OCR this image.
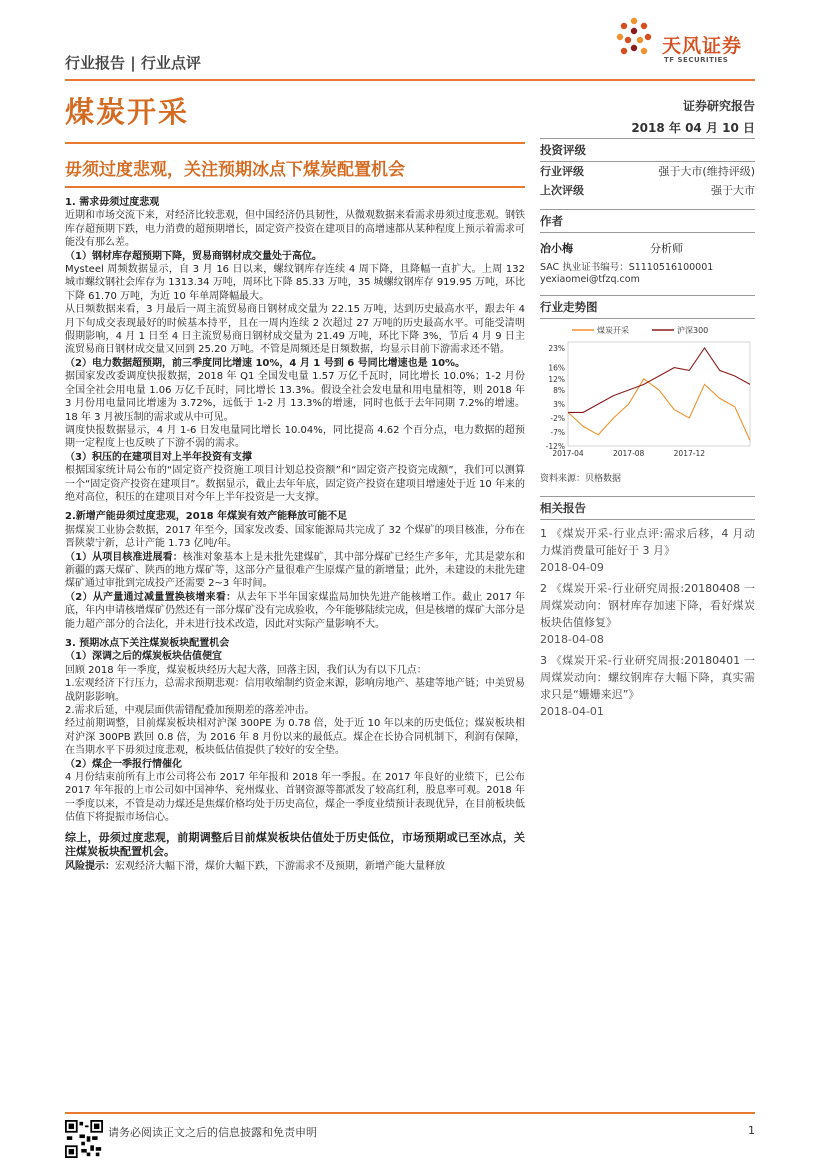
行业报告 | 行业点评
天风证券
TF SECURITIES
煤炭开采	证券研究报告
2018 年 04 月 10 日
毋须过度悲观，关注预期冰点下煤炭配置机会

1. 需求毋须过度悲观

近期和市场交流下来，对经济比较悲观，但中国经济仍具韧性，从微观数据来看需求毋须过度悲观。钢铁库存超预期下跌，电力消费的超预期增长，固定资产投资在建项目的高增速都从某种程度上预示着需求可能没有那么差。

（1）钢材库存超预期下降，贸易商钢材成交量处于高位。

Mysteel 周频数据显示，自 3 月 16 日以来，螺纹钢库存连续 4 周下降，且降幅一直扩大。上周 132 城市螺纹钢社会库存为 1313.34 万吨，周环比下降 85.33 万吨，35 城螺纹钢库存 919.95 万吨，环比下降 61.70 万吨，为近 10 年单周降幅最大。

从日频数据来看，3 月最后一周主流贸易商日钢材成交量为 22.15 万吨，达到历史最高水平，跟去年 4 月下旬成交表现最好的时候基本持平，且在一周内连续 2 次超过 27 万吨的历史最高水平。可能受清明假期影响，4 月 1 日至 4 日主流贸易商日钢材成交量为 21.49 万吨，环比下降 3%，节后 4 月 9 日主流贸易商日钢材成交量又回到 25.20 万吨。不管是周频还是日频数据，均显示目前下游需求还不错。

（2）电力数据超预期，前三季度同比增速 10%，4 月 1 号到 6 号同比增速也是 10%。

据国家发改委调度快报数据，2018 年 Q1 全国发电量 1.57 万亿千瓦时，同比增长 10.0%；1-2 月份全国全社会用电量 1.06 万亿千瓦时，同比增长 13.3%。假设全社会发电量和用电量相等，则 2018 年 3 月份用电量同比增速为 3.72%，远低于 1-2 月 13.3%的增速，同时也低于去年同期 7.2%的增速。18 年 3 月被压制的需求或从中可见。

调度快报数据显示，4 月 1-6 日发电量同比增长 10.04%，同比提高 4.62 个百分点，电力数据的超预期一定程度上也反映了下游不弱的需求。

（3）积压的在建项目对上半年投资有支撑

根据国家统计局公布的“固定资产投资施工项目计划总投资额”和“固定资产投资完成额”，我们可以测算一个“固定资产投资在建项目”。数据显示，截止去年年底，固定资产投资在建项目增速处于近 10 年来的绝对高位，积压的在建项目对今年上半年投资是一大支撑。

2.新增产能毋须过度悲观，2018 年煤炭有效产能释放可能不足

据煤炭工业协会数据，2017 年至今，国家发改委、国家能源局共完成了 32 个煤矿的项目核准，分布在晋陕蒙宁新，总计产能 1.73 亿吨/年。

（1）从项目核准进展看：核准对象基本上是未批先建煤矿，其中部分煤矿已经生产多年，尤其是蒙东和新疆的露天煤矿、陕西的地方煤矿等，这部分产量很难产生原煤产量的新增量；此外，未建设的未批先建煤矿通过审批到完成投产还需要 2~3 年时间。

（2）从产量通过减量置换核增来看：从去年下半年国家煤监局加快先进产能核增工作。截止 2017 年底，年内申请核增煤矿仍然还有一部分煤矿没有完成验收，今年能够陆续完成，但是核增的煤矿大部分是能力超产部分的合法化，并未进行技术改造，因此对实际产量影响不大。

3. 预期冰点下关注煤炭板块配置机会

（1）深调之后的煤炭板块估值便宜

回顾 2018 年一季度，煤炭板块经历大起大落，回落主因，我们认为有以下几点：

1.宏观经济下行压力，总需求预期悲观：信用收缩制约资金来源，影响房地产、基建等地产链；中美贸易战阴影影响。

2.需求后延，中观层面供需错配叠加预期差的落差冲击。

经过前期调整，目前煤炭板块相对沪深 300PE 为 0.78 倍，处于近 10 年以来的历史低位；煤炭板块相对沪深 300PB 跌回 0.8 倍，为 2016 年 8 月份以来的最低点。煤企在长协合同机制下，利润有保障，在当期水平下毋须过度悲观，板块低估值提供了较好的安全垫。

（2）煤企一季报行情催化

4 月份结束前所有上市公司将公布 2017 年年报和 2018 年一季报。在 2017 年良好的业绩下，已公布 2017 年年报的上市公司如中国神华、兖州煤业、首钢资源等都派发了较高红利，股息率可观。2018 年一季度以来，不管是动力煤还是焦煤价格均处于历史高位，煤企一季度业绩预计表现优异，在目前板块低估值下将提振市场信心。

综上，毋须过度悲观，前期调整后目前煤炭板块估值处于历史低位，市场预期或已至冰点，关注煤炭板块配置机会。

风险提示：宏观经济大幅下滑，煤价大幅下跌，下游需求不及预期，新增产能大量释放

投资评级
行业评级	强于大市(维持评级)
上次评级	强于大市
作者
冶小梅	分析师
SAC 执业证书编号：S1110516100001
yexiaomei@tfzq.com
行业走势图
23%
16%
12%
8%
3%
-2%
-7%
-12%
2017-04	2017-08	2017-12
煤炭开采	沪深300
资料来源：贝格数据
相关报告
1 《煤炭开采-行业点评:需求后移，4 月动力煤消费量可能好于 3 月》
2018-04-09
2 《煤炭开采-行业研究周报:20180408 一周煤炭动向：钢材库存加速下降，看好煤炭板块估值修复》
2018-04-08
3 《煤炭开采-行业研究周报:20180401 一周煤炭动向：螺纹钢库存大幅下降，真实需求只是“姗姗来迟”》
2018-04-01
请务必阅读正文之后的信息披露和免责申明	1
